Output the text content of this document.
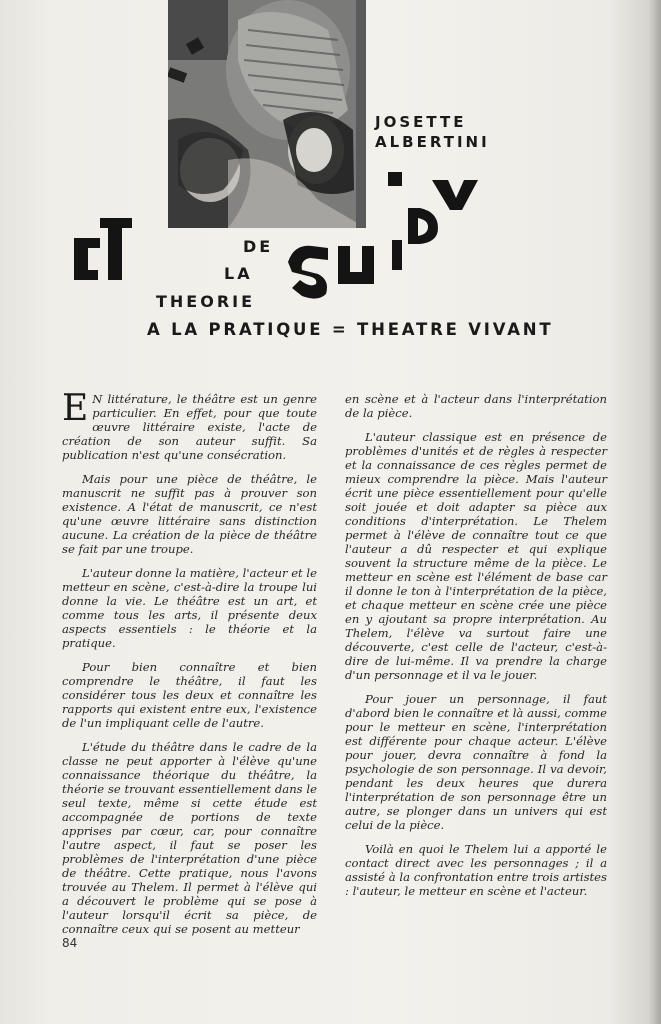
JOSETTE
ALBERTINI
DE
LA
THEORIE
A LA PRATIQUE = THEATRE VIVANT

E N littérature, le théâtre est un genre particulier. En effet, pour que toute œuvre littéraire existe, l'acte de création de son auteur suffit. Sa publication n'est qu'une consécration.

Mais pour une pièce de théâtre, le manuscrit ne suffit pas à prouver son existence. A l'état de manuscrit, ce n'est qu'une œuvre littéraire sans distinction aucune. La création de la pièce de théâtre se fait par une troupe.

L'auteur donne la matière, l'acteur et le metteur en scène, c'est-à-dire la troupe lui donne la vie. Le théâtre est un art, et comme tous les arts, il présente deux aspects essentiels : le théorie et la pratique.

Pour bien connaître et bien comprendre le théâtre, il faut les considérer tous les deux et connaître les rapports qui existent entre eux, l'existence de l'un impliquant celle de l'autre.

L'étude du théâtre dans le cadre de la classe ne peut apporter à l'élève qu'une connaissance théorique du théâtre, la théorie se trouvant essentiellement dans le seul texte, même si cette étude est accompagnée de portions de texte apprises par cœur, car, pour connaître l'autre aspect, il faut se poser les problèmes de l'interprétation d'une pièce de théâtre. Cette pratique, nous l'avons trouvée au Thelem. Il permet à l'élève qui a découvert le problème qui se pose à l'auteur lorsqu'il écrit sa pièce, de connaître ceux qui se posent au metteur

en scène et à l'acteur dans l'interprétation de la pièce.

L'auteur classique est en présence de problèmes d'unités et de règles à respecter et la connaissance de ces règles permet de mieux comprendre la pièce. Mais l'auteur écrit une pièce essentiellement pour qu'elle soit jouée et doit adapter sa pièce aux conditions d'interprétation. Le Thelem permet à l'élève de connaître tout ce que l'auteur a dû respecter et qui explique souvent la structure même de la pièce. Le metteur en scène est l'élément de base car il donne le ton à l'interprétation de la pièce, et chaque metteur en scène crée une pièce en y ajoutant sa propre interprétation. Au Thelem, l'élève va surtout faire une découverte, c'est celle de l'acteur, c'est-à-dire de lui-même. Il va prendre la charge d'un personnage et il va le jouer.

Pour jouer un personnage, il faut d'abord bien le connaître et là aussi, comme pour le metteur en scène, l'interprétation est différente pour chaque acteur. L'élève pour jouer, devra connaître à fond la psychologie de son personnage. Il va devoir, pendant les deux heures que durera l'interprétation de son personnage être un autre, se plonger dans un univers qui est celui de la pièce.

Voilà en quoi le Thelem lui a apporté le contact direct avec les personnages ; il a assisté à la confrontation entre trois artistes : l'auteur, le metteur en scène et l'acteur.

84
